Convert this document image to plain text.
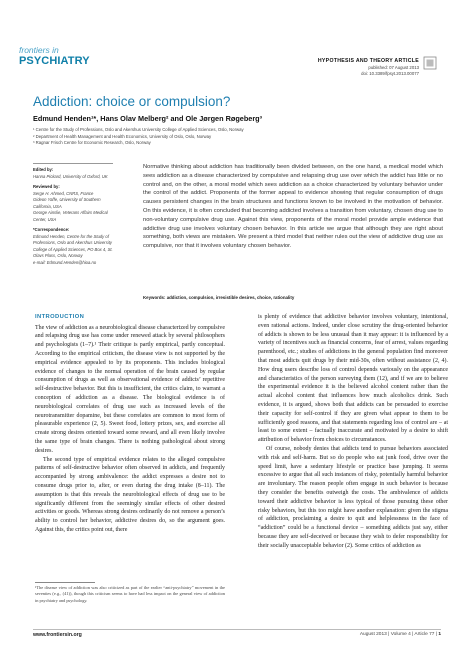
frontiers in
PSYCHIATRY	HYPOTHESIS AND THEORY ARTICLE
published: 07 August 2013
doi: 10.3389/fpsyt.2013.00077
Addiction: choice or compulsion?
Edmund Henden¹*, Hans Olav Melberg² and Ole Jørgen Røgeberg³
¹ Centre for the Study of Professions, Oslo and Akershus University College of Applied Sciences, Oslo, Norway
² Department of Health Management and Health Economics, University of Oslo, Oslo, Norway
³ Ragnar Frisch Centre for Economic Research, Oslo, Norway
Edited by:
Hanna Pickard, University of Oxford, UK
Reviewed by:
Serge H. Ahmed, CNRS, France
Gideon Yaffe, University of Southern California, USA
George Ainslie, Veterans Affairs Medical Center, USA
*Correspondence:
Edmund Henden, Centre for the Study of Professions, Oslo and Akershus University College of Applied Sciences, PO Box 4, St. Olavs Plass, Oslo, Norway
e-mail: Edmund.Henden@hioa.no
Normative thinking about addiction has traditionally been divided between, on the one hand, a medical model which sees addiction as a disease characterized by compulsive and relapsing drug use over which the addict has little or no control and, on the other, a moral model which sees addiction as a choice characterized by voluntary behavior under the control of the addict. Proponents of the former appeal to evidence showing that regular consumption of drugs causes persistent changes in the brain structures and functions known to be involved in the motivation of behavior. On this evidence, it is often concluded that becoming addicted involves a transition from voluntary, chosen drug use to non-voluntary compulsive drug use. Against this view, proponents of the moral model provide ample evidence that addictive drug use involves voluntary chosen behavior. In this article we argue that although they are right about something, both views are mistaken. We present a third model that neither rules out the view of addictive drug use as compulsive, nor that it involves voluntary chosen behavior.
Keywords: addiction, compulsion, irresistible desires, choice, rationality
INTRODUCTION

The view of addiction as a neurobiological disease characterized by compulsive and relapsing drug use has come under renewed attack by several philosophers and psychologists (1–7).¹ Their critique is partly empirical, partly conceptual. According to the empirical criticism, the disease view is not supported by the empirical evidence appealed to by its proponents. This includes biological evidence of changes to the normal operation of the brain caused by regular consumption of drugs as well as observational evidence of addicts’ repetitive self-destructive behavior. But this is insufficient, the critics claim, to warrant a conception of addiction as a disease. The biological evidence is of neurobiological correlates of drug use such as increased levels of the neurotransmitter dopamine, but these correlates are common to most form of pleasurable experience (2, 5). Sweet food, lottery prizes, sex, and exercise all create strong desires oriented toward some reward, and all even likely involve the same type of brain changes. There is nothing pathological about strong desires.

The second type of empirical evidence relates to the alleged compulsive patterns of self-destructive behavior often observed in addicts, and frequently accompanied by strong ambivalence: the addict expresses a desire not to consume drugs prior to, after, or even during the drug intake (8–11). The assumption is that this reveals the neurobiological effects of drug use to be significantly different from the seemingly similar effects of other desired activities or goods. Whereas strong desires ordinarily do not remove a person’s ability to control her behavior, addictive desires do, so the argument goes. Against this, the critics point out, there

is plenty of evidence that addictive behavior involves voluntary, intentional, even rational actions. Indeed, under close scrutiny the drug-oriented behavior of addicts is shown to be less unusual than it may appear: it is influenced by a variety of incentives such as financial concerns, fear of arrest, values regarding parenthood, etc.; studies of addictions in the general population find moreover that most addicts quit drugs by their mid-30s, often without assistance (2, 4). How drug users describe loss of control depends variously on the appearance and characteristics of the person surveying them (12), and if we are to believe the experimental evidence it is the believed alcohol content rather than the actual alcohol content that influences how much alcoholics drink. Such evidence, it is argued, shows both that addicts can be persuaded to exercise their capacity for self-control if they are given what appear to them to be sufficiently good reasons, and that statements regarding loss of control are – at least to some extent – factually inaccurate and motivated by a desire to shift attribution of behavior from choices to circumstances.

Of course, nobody denies that addicts tend to pursue behaviors associated with risk and self-harm. But so do people who eat junk food, drive over the speed limit, have a sedentary lifestyle or practice base jumping. It seems excessive to argue that all such instances of risky, potentially harmful behavior are involuntary. The reason people often engage in such behavior is because they consider the benefits outweigh the costs. The ambivalence of addicts toward their addictive behavior is less typical of those pursuing these other risky behaviors, but this too might have another explanation: given the stigma of addiction, proclaiming a desire to quit and helplessness in the face of “addiction” could be a functional device – something addicts just say, either because they are self-deceived or because they wish to defer responsibility for their socially unacceptable behavior (2). Some critics of addiction as

¹The disease view of addiction was also criticized as part of the earlier “anti-psychiatry” movement in the seventies (e.g., (41)), though this criticism seems to have had less impact on the general view of addiction in psychiatry and psychology.
www.frontiersin.org	August 2013 | Volume 4 | Article 77 | 1
